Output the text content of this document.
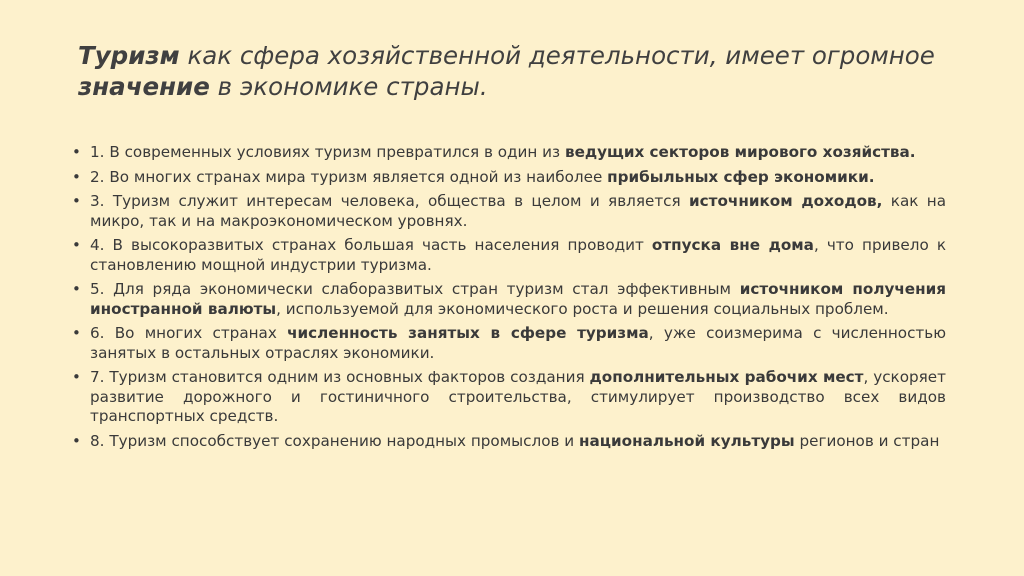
Туризм как сфера хозяйственной деятельности, имеет огромное значение в экономике страны.
• 1. В современных условиях туризм превратился в один из ведущих секторов мирового хозяйства.
• 2. Во многих странах мира туризм является одной из наиболее прибыльных сфер экономики.
• 3. Туризм служит интересам человека, общества в целом и является источником доходов, как на микро, так и на макроэкономическом уровнях.
• 4. В высокоразвитых странах большая часть населения проводит отпуска вне дома, что привело к становлению мощной индустрии туризма.
• 5. Для ряда экономически слаборазвитых стран туризм стал эффективным источником получения иностранной валюты, используемой для экономического роста и решения социальных проблем.
• 6. Во многих странах численность занятых в сфере туризма, уже соизмерима с численностью занятых в остальных отраслях экономики.
• 7. Туризм становится одним из основных факторов создания дополнительных рабочих мест, ускоряет развитие дорожного и гостиничного строительства, стимулирует производство всех видов транспортных средств.
• 8. Туризм способствует сохранению народных промыслов и национальной культуры регионов и стран
